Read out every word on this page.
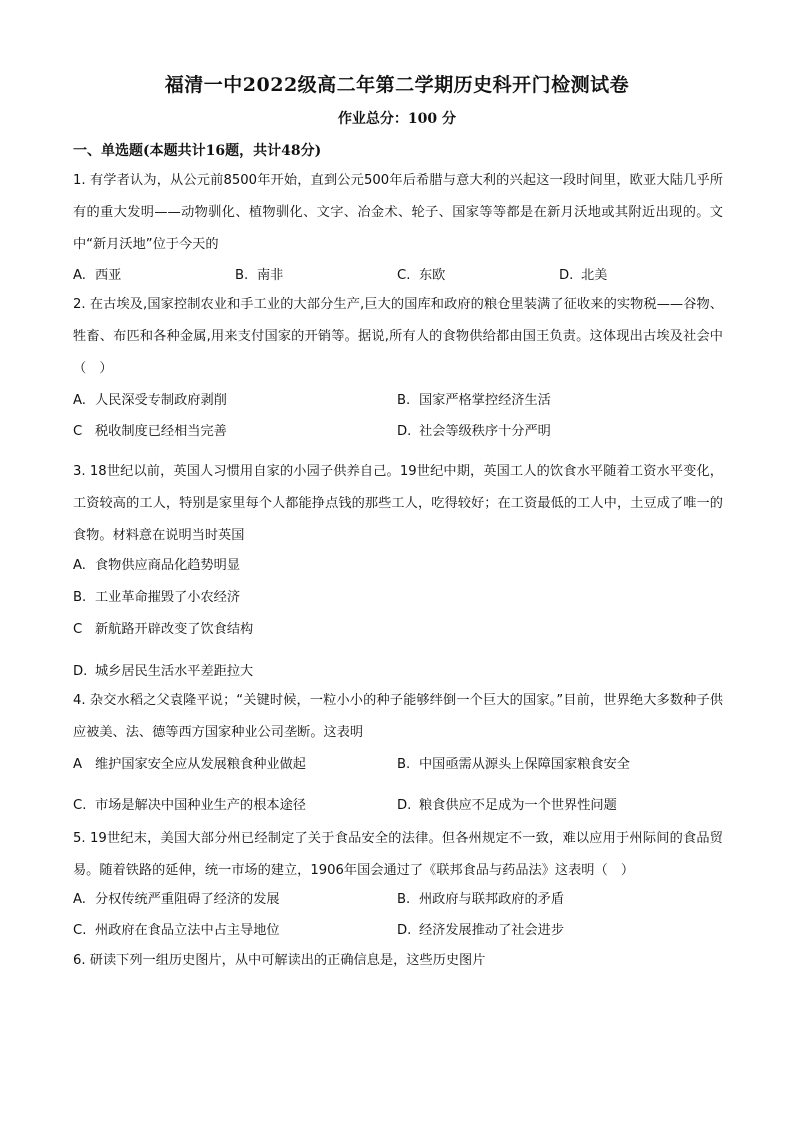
福清一中2022级高二年第二学期历史科开门检测试卷
作业总分：100 分
一、单选题(本题共计16题，共计48分)
1. 有学者认为，从公元前8500年开始，直到公元500年后希腊与意大利的兴起这一段时间里，欧亚大陆几乎所有的重大发明——动物驯化、植物驯化、文字、冶金术、轮子、国家等等都是在新月沃地或其附近出现的。文中“新月沃地”位于今天的
A. 西亚	B. 南非	C. 东欧	D. 北美
2. 在古埃及,国家控制农业和手工业的大部分生产,巨大的国库和政府的粮仓里装满了征收来的实物税——谷物、牲畜、布匹和各种金属,用来支付国家的开销等。据说,所有人的食物供给都由国王负责。这体现出古埃及社会中（　）
A. 人民深受专制政府剥削	B. 国家严格掌控经济生活
C 税收制度已经相当完善	D. 社会等级秩序十分严明
3. 18世纪以前，英国人习惯用自家的小园子供养自己。19世纪中期，英国工人的饮食水平随着工资水平变化，工资较高的工人，特别是家里每个人都能挣点钱的那些工人，吃得较好；在工资最低的工人中，土豆成了唯一的食物。材料意在说明当时英国
A. 食物供应商品化趋势明显
B. 工业革命摧毁了小农经济
C 新航路开辟改变了饮食结构
D. 城乡居民生活水平差距拉大
4. 杂交水稻之父袁隆平说；“关键时候，一粒小小的种子能够绊倒一个巨大的国家。”目前，世界绝大多数种子供应被美、法、德等西方国家种业公司垄断。这表明
A 维护国家安全应从发展粮食种业做起	B. 中国亟需从源头上保障国家粮食安全
C. 市场是解决中国种业生产的根本途径	D. 粮食供应不足成为一个世界性问题
5. 19世纪末，美国大部分州已经制定了关于食品安全的法律。但各州规定不一致，难以应用于州际间的食品贸易。随着铁路的延伸，统一市场的建立，1906年国会通过了《联邦食品与药品法》这表明（　）
A. 分权传统严重阻碍了经济的发展	B. 州政府与联邦政府的矛盾
C. 州政府在食品立法中占主导地位	D. 经济发展推动了社会进步
6. 研读下列一组历史图片，从中可解读出的正确信息是，这些历史图片
